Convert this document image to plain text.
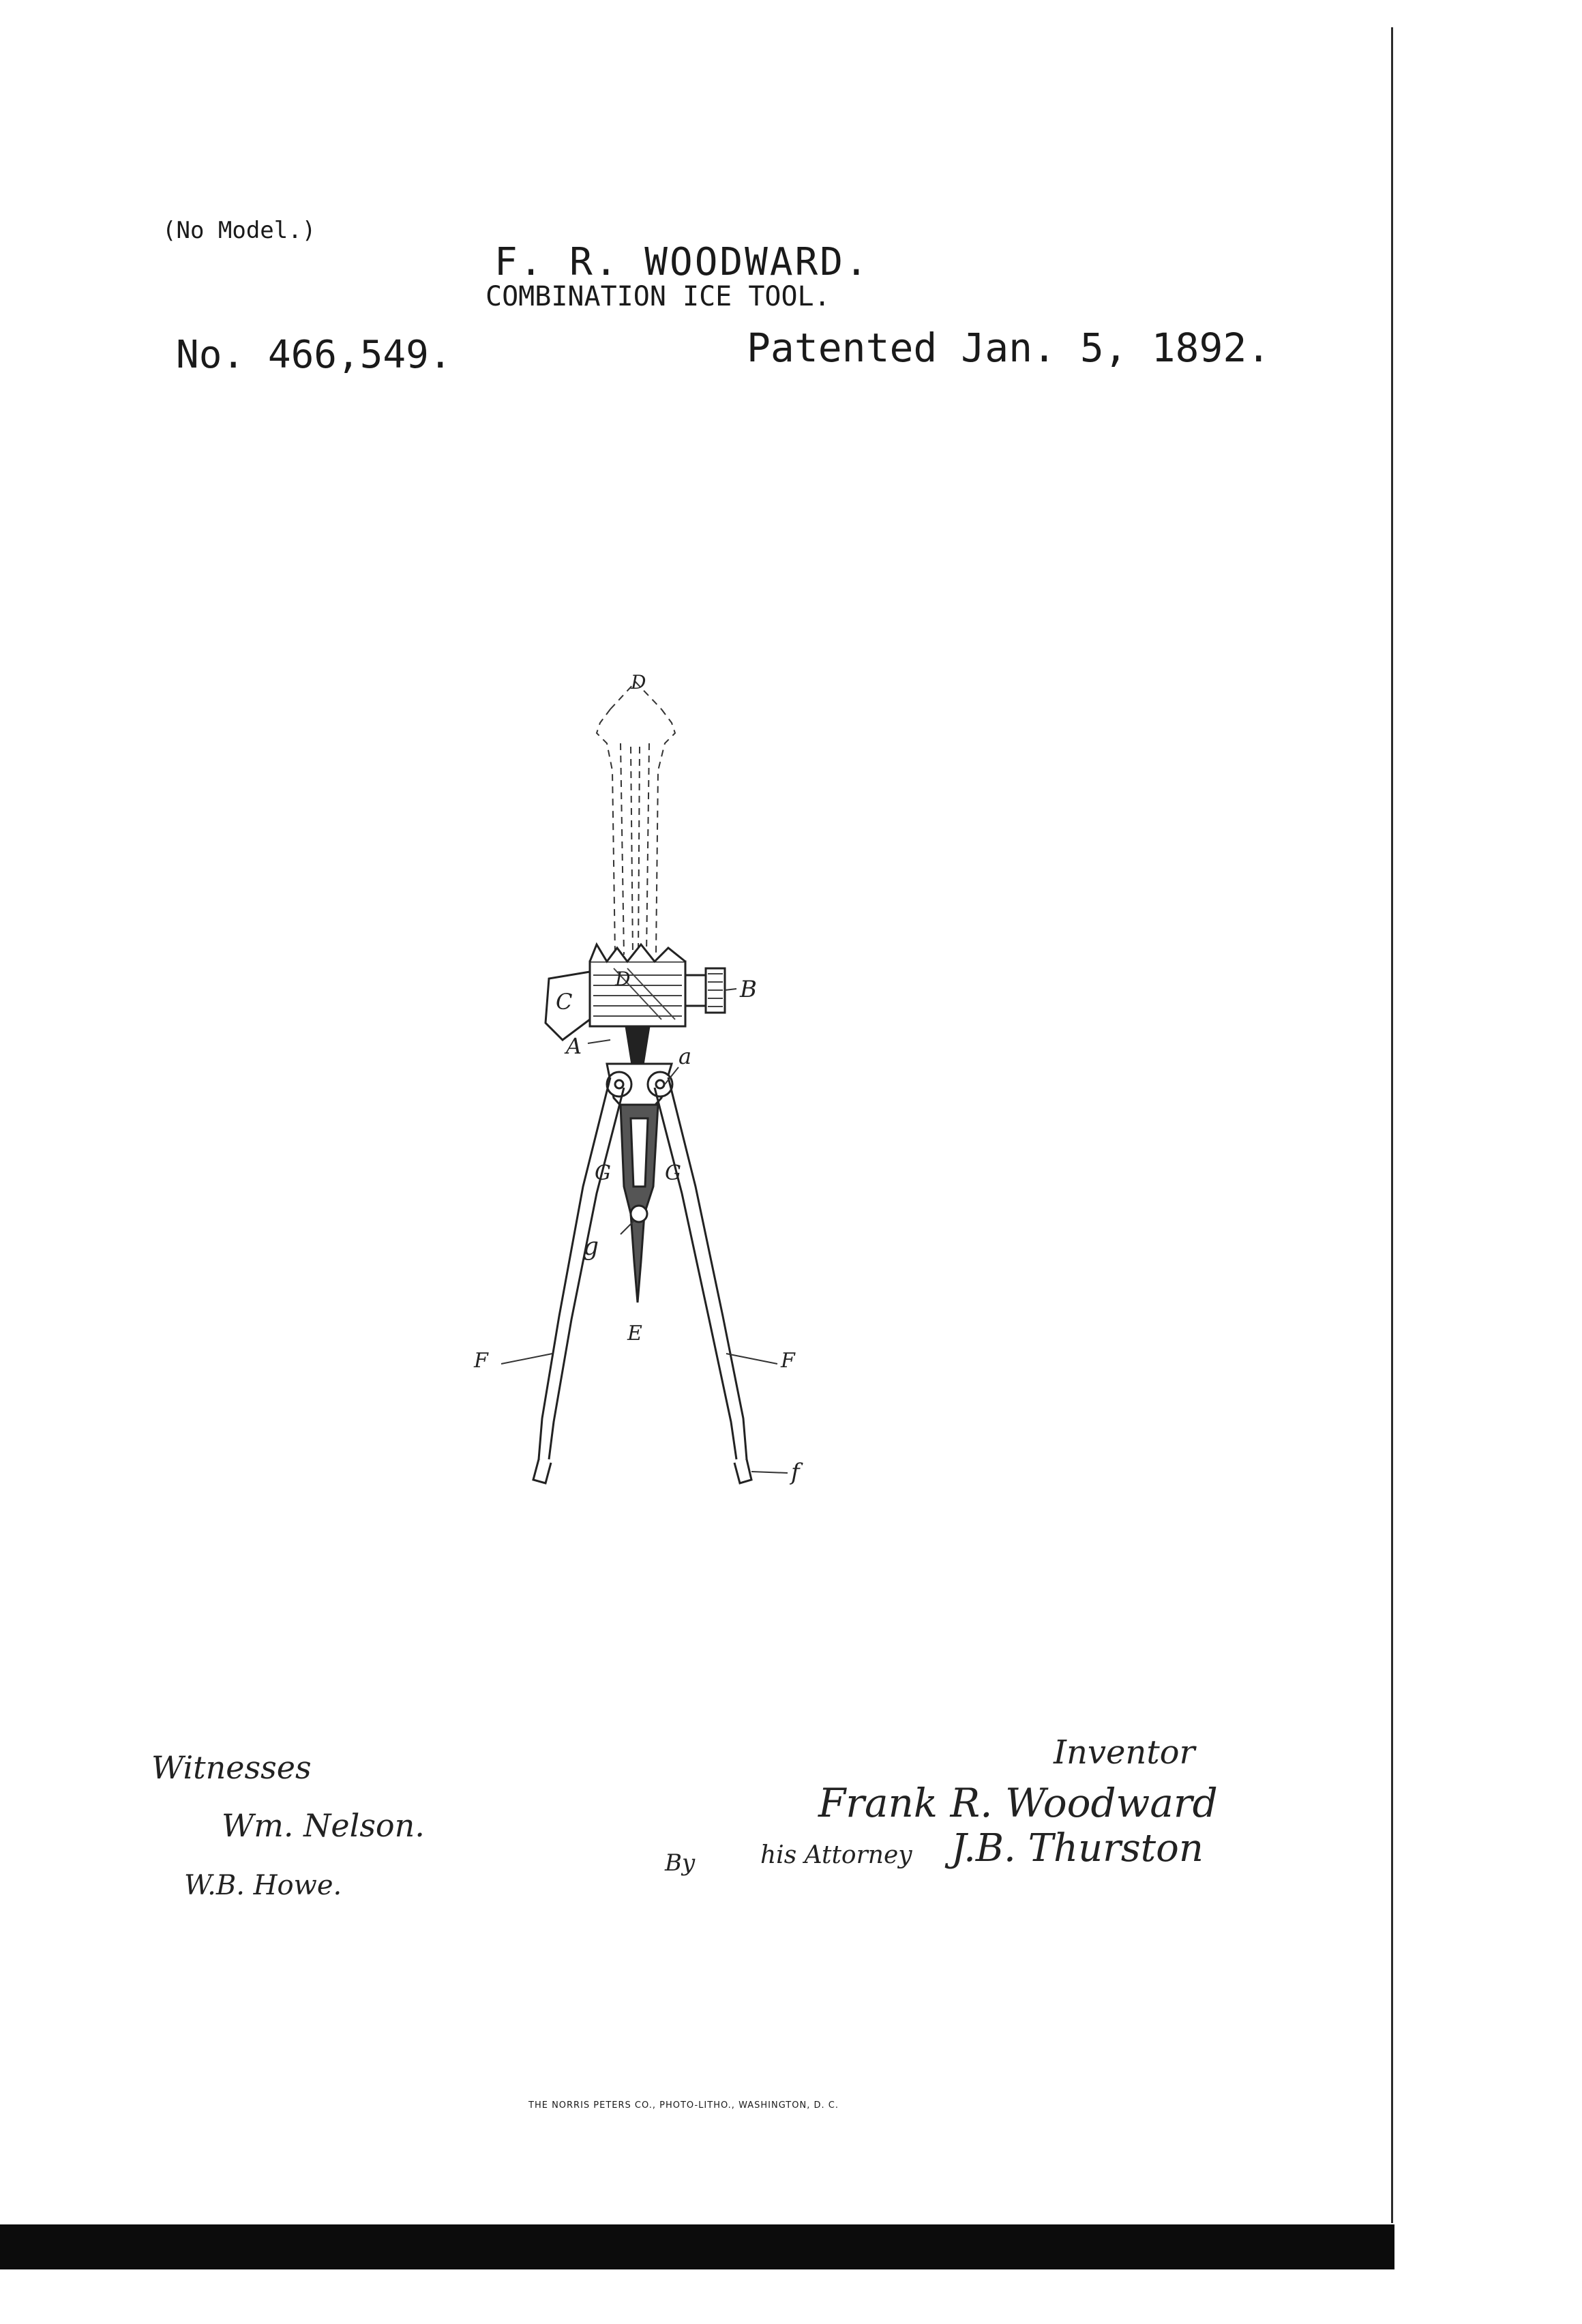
(No Model.)
F. R. WOODWARD.
COMBINATION ICE TOOL.
No. 466,549.	Patented Jan. 5, 1892.
D
D	B
C
A	a
G	G
g
E
F	F
f
Witnesses
Wm. Nelson.
W.B. Howe.
Inventor
Frank R. Woodward
By	his Attorney J.B. Thurston
THE NORRIS PETERS CO., PHOTO-LITHO., WASHINGTON, D. C.
